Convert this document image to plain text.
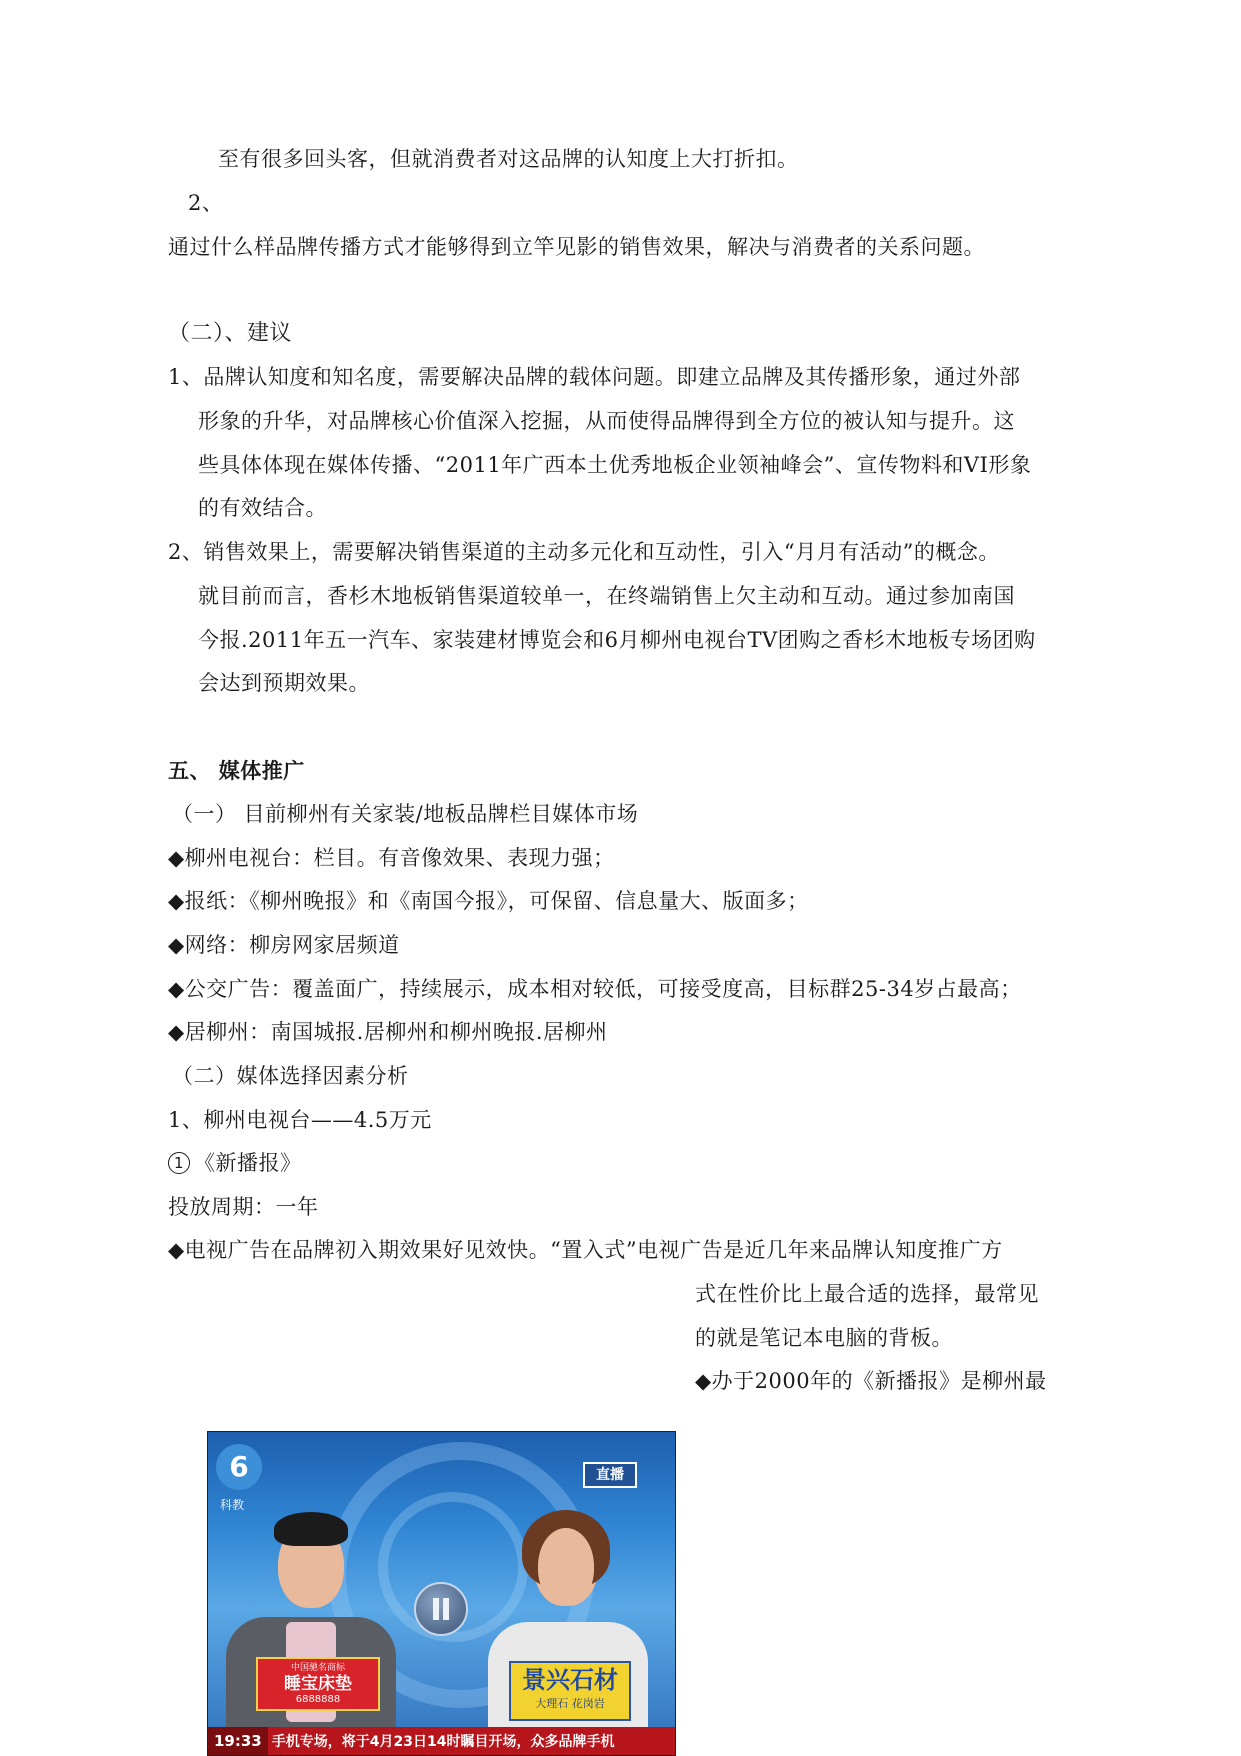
至有很多回头客，但就消费者对这品牌的认知度上大打折扣。
2、
通过什么样品牌传播方式才能够得到立竿见影的销售效果，解决与消费者的关系问题。
（二）、建议
1、品牌认知度和知名度，需要解决品牌的载体问题。即建立品牌及其传播形象，通过外部
形象的升华，对品牌核心价值深入挖掘，从而使得品牌得到全方位的被认知与提升。这
些具体体现在媒体传播、“2011年广西本土优秀地板企业领袖峰会”、宣传物料和VI形象
的有效结合。
2、销售效果上，需要解决销售渠道的主动多元化和互动性，引入“月月有活动”的概念。
就目前而言，香杉木地板销售渠道较单一，在终端销售上欠主动和互动。通过参加南国
今报.2011年五一汽车、家装建材博览会和6月柳州电视台TV团购之香杉木地板专场团购
会达到预期效果。
五、 媒体推广
（一） 目前柳州有关家装/地板品牌栏目媒体市场
◆柳州电视台：栏目。有音像效果、表现力强；
◆报纸：《柳州晚报》和《南国今报》，可保留、信息量大、版面多；
◆网络：柳房网家居频道
◆公交广告：覆盖面广，持续展示，成本相对较低，可接受度高，目标群25-34岁占最高；
◆居柳州：南国城报.居柳州和柳州晚报.居柳州
（二）媒体选择因素分析
1、柳州电视台——4.5万元
1 《新播报》
投放周期：一年
◆电视广告在品牌初入期效果好见效快。“置入式”电视广告是近几年来品牌认知度推广方
式在性价比上最合适的选择，最常见
的就是笔记本电脑的背板。
◆办于2000年的《新播报》是柳州最
6
科教
直播
中国驰名商标
睡宝床垫
6888888
景兴石材
大理石 花岗岩
19:33 手机专场，将于4月23日14时瞩目开场，众多品牌手机
